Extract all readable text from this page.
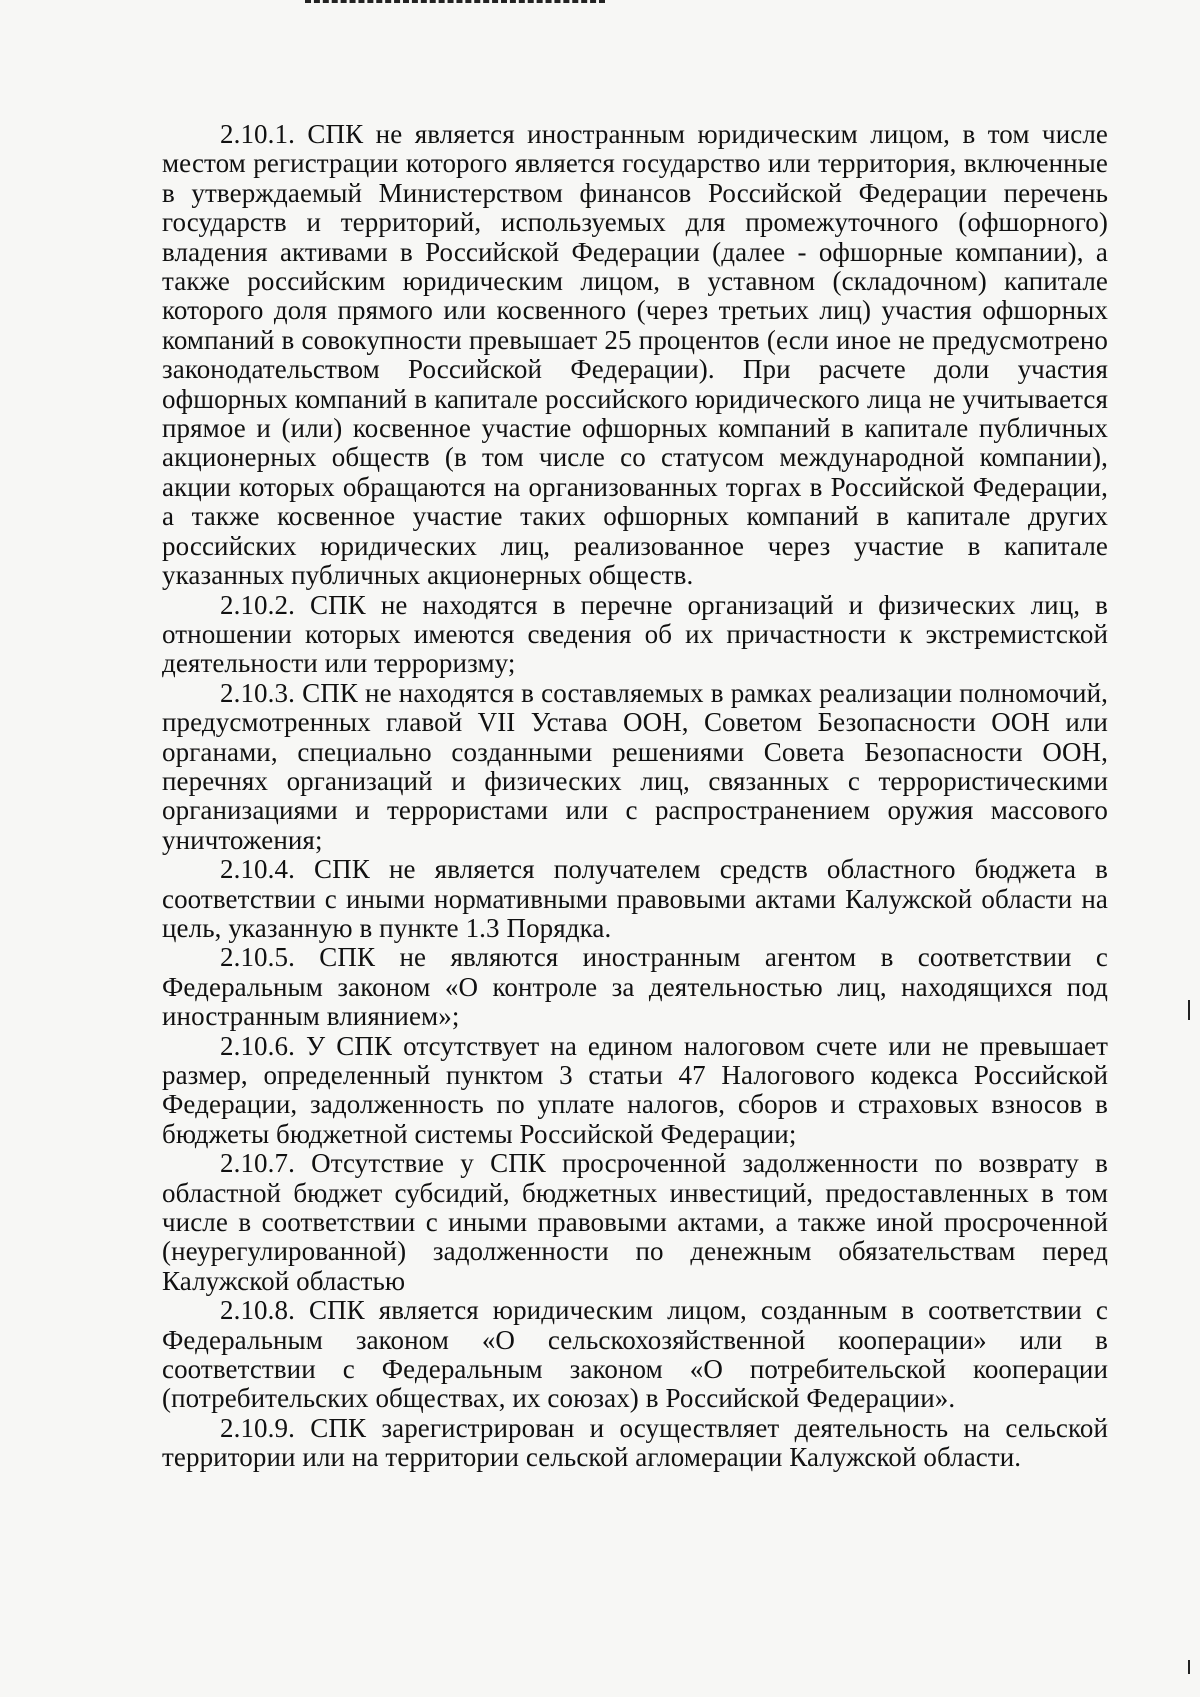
2.10.1. СПК не является иностранным юридическим лицом, в том числе местом регистрации которого является государство или территория, включенные в утверждаемый Министерством финансов Российской Федерации перечень государств и территорий, используемых для промежуточного (офшорного) владения активами в Российской Федерации (далее - офшорные компании), а также российским юридическим лицом, в уставном (складочном) капитале которого доля прямого или косвенного (через третьих лиц) участия офшорных компаний в совокупности превышает 25 процентов (если иное не предусмотрено законодательством Российской Федерации). При расчете доли участия офшорных компаний в капитале российского юридического лица не учитывается прямое и (или) косвенное участие офшорных компаний в капитале публичных акционерных обществ (в том числе со статусом международной компании), акции которых обращаются на организованных торгах в Российской Федерации, а также косвенное участие таких офшорных компаний в капитале других российских юридических лиц, реализованное через участие в капитале указанных публичных акционерных обществ.

2.10.2. СПК не находятся в перечне организаций и физических лиц, в отношении которых имеются сведения об их причастности к экстремистской деятельности или терроризму;

2.10.3. СПК не находятся в составляемых в рамках реализации полномочий, предусмотренных главой VII Устава ООН, Советом Безопасности ООН или органами, специально созданными решениями Совета Безопасности ООН, перечнях организаций и физических лиц, связанных с террористическими организациями и террористами или с распространением оружия массового уничтожения;

2.10.4. СПК не является получателем средств областного бюджета в соответствии с иными нормативными правовыми актами Калужской области на цель, указанную в пункте 1.3 Порядка.

2.10.5. СПК не являются иностранным агентом в соответствии с Федеральным законом «О контроле за деятельностью лиц, находящихся под иностранным влиянием»;

2.10.6. У СПК отсутствует на едином налоговом счете или не превышает размер, определенный пунктом 3 статьи 47 Налогового кодекса Российской Федерации, задолженность по уплате налогов, сборов и страховых взносов в бюджеты бюджетной системы Российской Федерации;

2.10.7. Отсутствие у СПК просроченной задолженности по возврату в областной бюджет субсидий, бюджетных инвестиций, предоставленных в том числе в соответствии с иными правовыми актами, а также иной просроченной (неурегулированной) задолженности по денежным обязательствам перед Калужской областью

2.10.8. СПК является юридическим лицом, созданным в соответствии с Федеральным законом «О сельскохозяйственной кооперации» или в соответствии с Федеральным законом «О потребительской кооперации (потребительских обществах, их союзах) в Российской Федерации».

2.10.9. СПК зарегистрирован и осуществляет деятельность на сельской территории или на территории сельской агломерации Калужской области.
